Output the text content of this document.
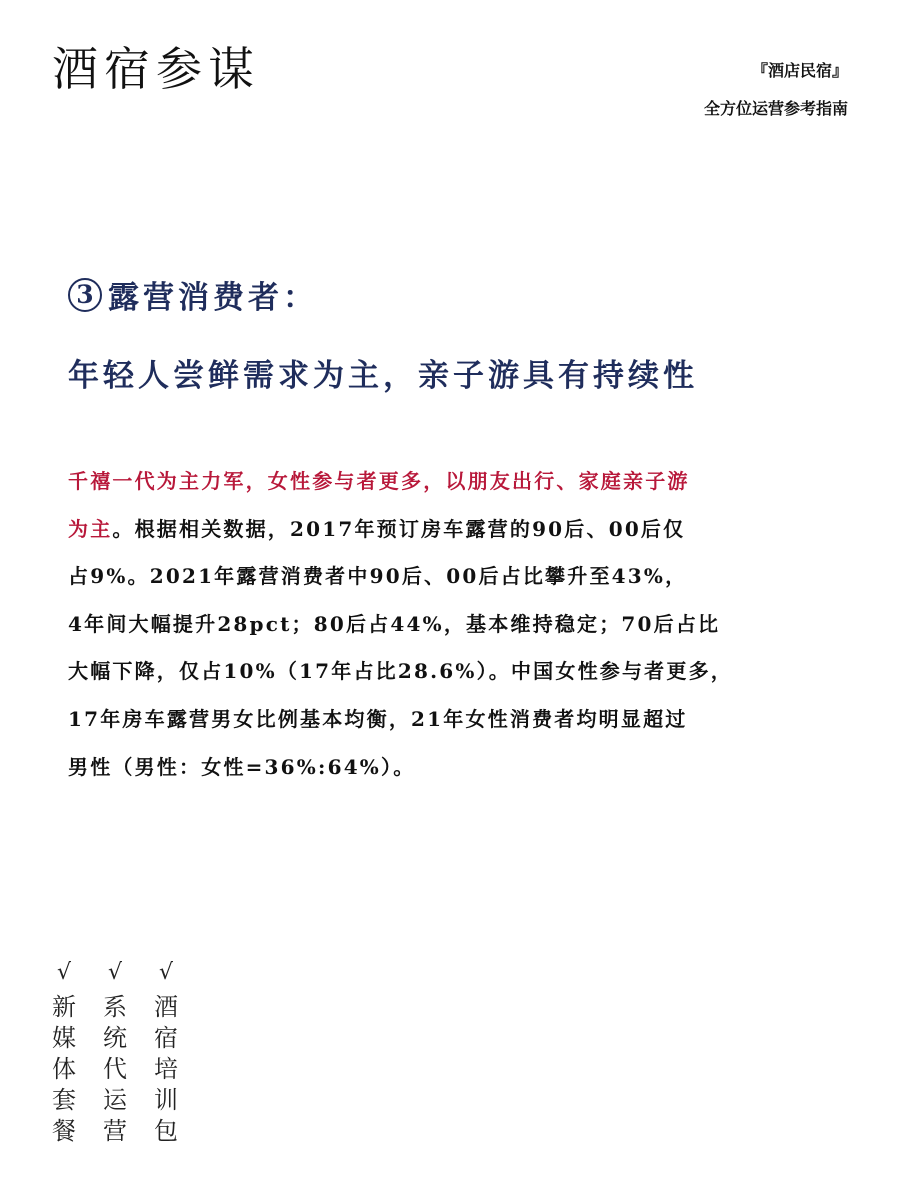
酒宿参谋	『酒店民宿』
全方位运营参考指南
3 露营消费者：
年轻人尝鲜需求为主，亲子游具有持续性
千禧一代为主力军，女性参与者更多，以朋友出行、家庭亲子游
为主。根据相关数据，2017年预订房车露营的90后、00后仅
占9%。2021年露营消费者中90后、00后占比攀升至43%，
4年间大幅提升28pct；80后占44%，基本维持稳定；70后占比
大幅下降，仅占10%（17年占比28.6%）。中国女性参与者更多，
17年房车露营男女比例基本均衡，21年女性消费者均明显超过
男性（男性：女性=36%:64%）。
√
新
媒
体
套
餐
√
系
统
代
运
营
√
酒
宿
培
训
包
